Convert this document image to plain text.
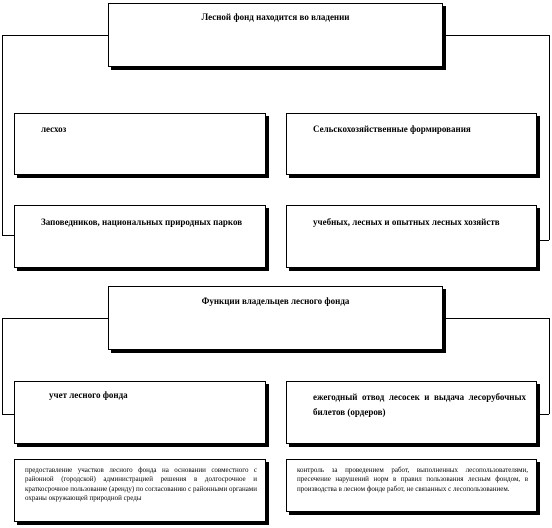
Лесной фонд находится во владении
лесхоз	Сельскохозяйственные формирования
Заповедников, национальных природных парков	учебных, лесных и опытных лесных хозяйств
Функции владельцев лесного фонда
учет лесного фонда	ежегодный отвод лесосек и выдача лесорубочных билетов (ордеров)
предоставление участков лесного фонда на основании совместного с районной (городской) администрацией решения в долгосрочное и краткосрочное пользование (аренду) по согласованию с районными органами охраны окружающей природной среды
контроль за проведением работ, выполненных лесопользователями, пресечение нарушений норм в правил пользования лесным фондом, в производства в лесном фонде работ, не связанных с лесопользованием.
